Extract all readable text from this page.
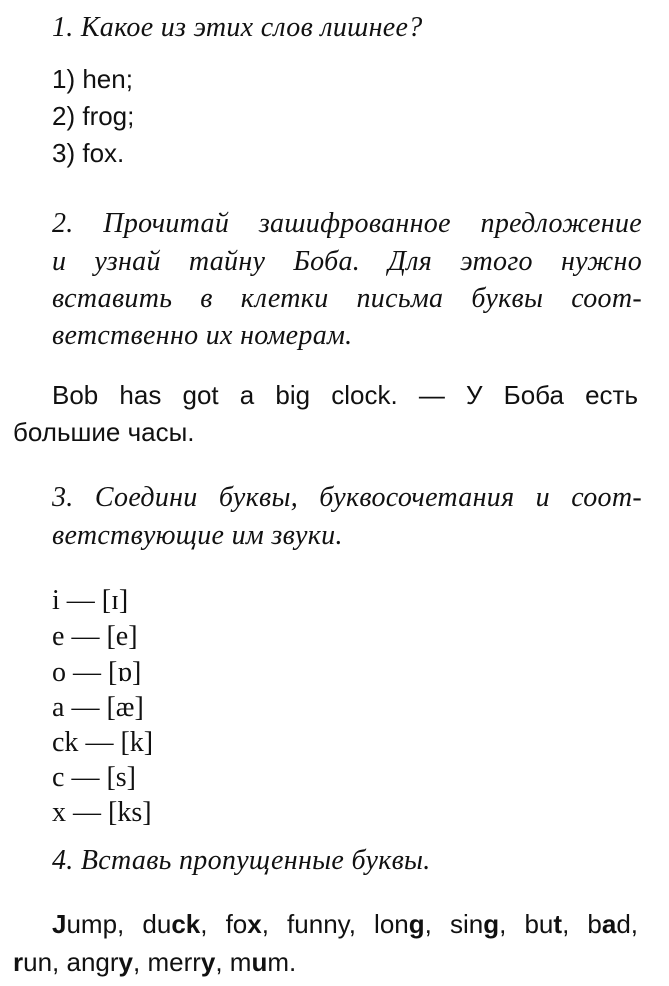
1. Какое из этих слов лишнее?
1) hen;
2) frog;
3) fox.
2. Прочитай зашифрованное предложение
и узнай тайну Боба. Для этого нужно
вставить в клетки письма буквы соот-
ветственно их номерам.
Bob has got a big clock. — У Боба есть
большие часы.
3. Соедини буквы, буквосочетания и соот-
ветствующие им звуки.
i — [ɪ]
e — [e]
o — [ɒ]
a — [æ]
ck — [k]
c — [s]
x — [ks]
4. Вставь пропущенные буквы.
Jump, duck, fox, funny, long, sing, but, bad,
run, angry, merry, mum.
